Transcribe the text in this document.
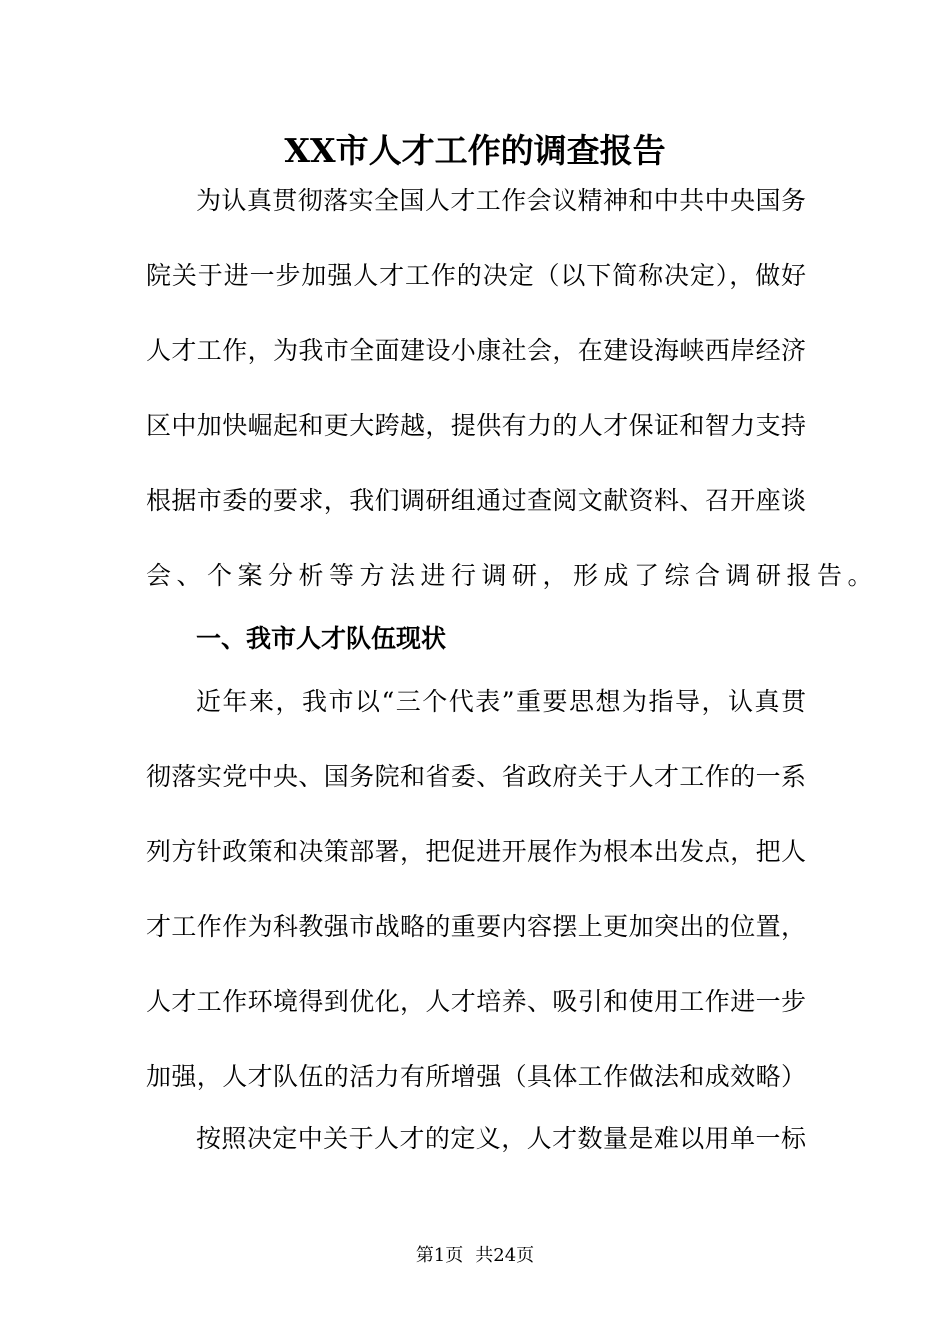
XX市人才工作的调查报告
为认真贯彻落实全国人才工作会议精神和中共中央国务
院关于进一步加强人才工作的决定（以下简称决定），做好
人才工作，为我市全面建设小康社会，在建设海峡西岸经济
区中加快崛起和更大跨越，提供有力的人才保证和智力支持
根据市委的要求，我们调研组通过查阅文献资料、召开座谈
会、个案分析等方法进行调研，形成了综合调研报告。
一、我市人才队伍现状
近年来，我市以“三个代表”重要思想为指导，认真贯
彻落实党中央、国务院和省委、省政府关于人才工作的一系
列方针政策和决策部署，把促进开展作为根本出发点，把人
才工作作为科教强市战略的重要内容摆上更加突出的位置，
人才工作环境得到优化，人才培养、吸引和使用工作进一步
加强，人才队伍的活力有所增强（具体工作做法和成效略）
按照决定中关于人才的定义，人才数量是难以用单一标
第1页 共24页
